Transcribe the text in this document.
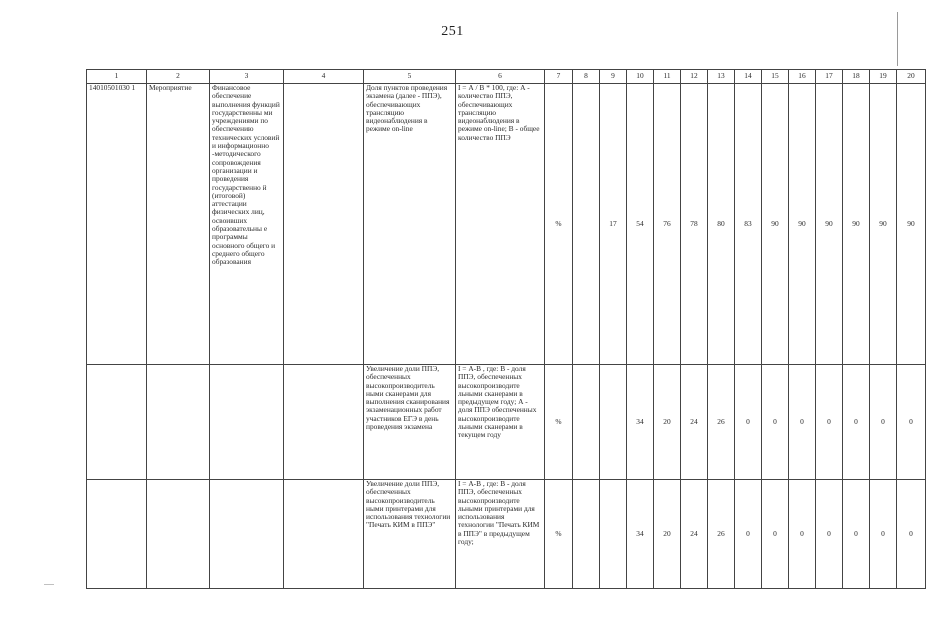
251
1	2	3	4	5	6	7	8	9	10	11	12	13	14	15	16	17	18	19	20

14010501030 1	Мероприятие	Финансовое обеспечение выполнения функций государственны ми учреждениями по обеспечению технических условий и информационно -методического сопровождения организации и проведения государственно й (итоговой) аттестации физических лиц, освоивших образовательны е программы основного общего и среднего общего образования		Доля пунктов проведения экзамена (далее - ППЭ), обеспечивающих трансляцию видеонаблюдения в режиме on-line	I = А / В * 100, где: А - количество ППЭ, обеспечивающих трансляцию видеонаблюдения в режиме on-line; В - общее количество ППЭ	%		17	54	76	78	80	83	90	90	90	90	90	90

				Увеличение доли ППЭ, обеспеченных высокопроизводитель ными сканерами для выполнения сканирования экзаменационных работ участников ЕГЭ в день проведения экзамена	I = А-В , где: В - доля ППЭ, обеспеченных высокопроизводите льными сканерами в предыдущем году; А - доля ППЭ обеспеченных высокопроизводите льными сканерами в текущем году	%			34	20	24	26	0	0	0	0	0	0	0

				Увеличение доли ППЭ, обеспеченных высокопроизводитель ными принтерами для использования технологии "Печать КИМ в ППЭ"	I = А-В , где: В - доля ППЭ, обеспеченных высокопроизводите льными принтерами для использования технологии "Печать КИМ в ППЭ" в предыдущем году;	%			34	20	24	26	0	0	0	0	0	0	0
